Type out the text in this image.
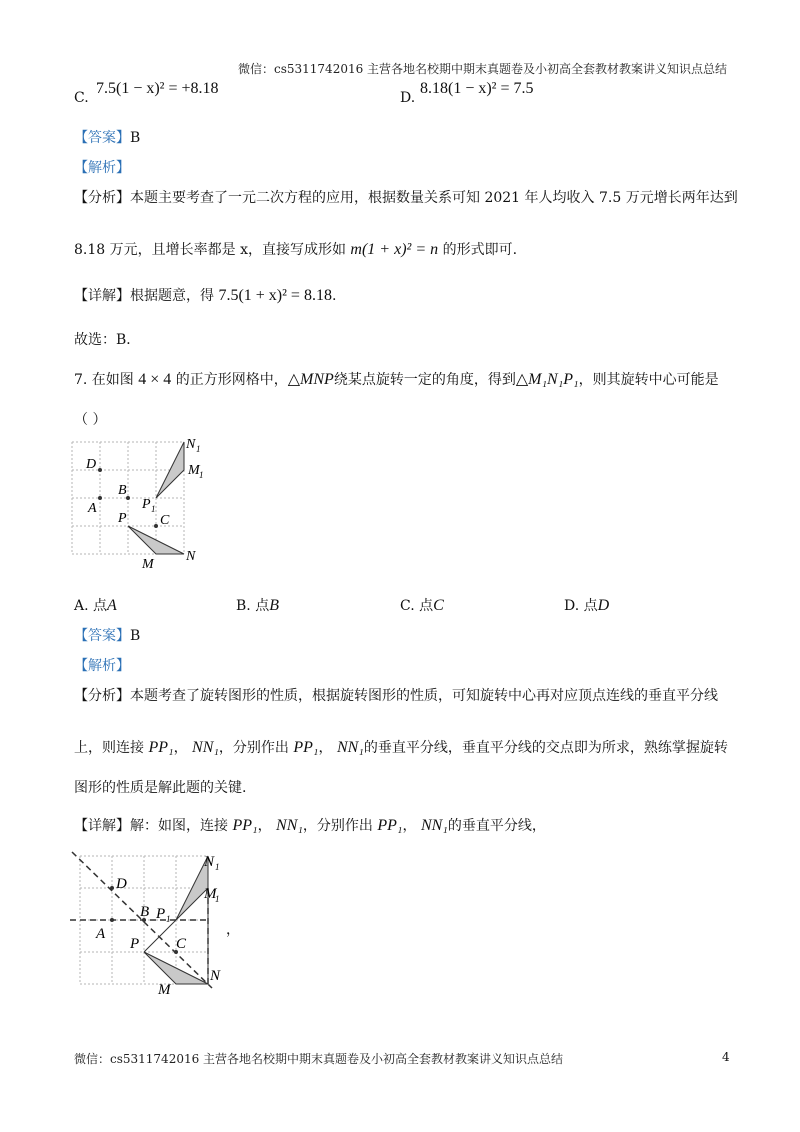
微信：cs5311742016 主营各地名校期中期末真题卷及小初高全套教材教案讲义知识点总结
C.
7.5(1 − x)² = +8.18
D.
8.18(1 − x)² = 7.5
【答案】B
【解析】
【分析】本题主要考查了一元二次方程的应用，根据数量关系可知 2021 年人均收入 7.5 万元增长两年达到
8.18 万元，且增长率都是 x，直接写成形如 m(1 + x)² = n 的形式即可.
【详解】根据题意，得 7.5(1 + x)² = 8.18.
故选：B．
7. 在如图 4 × 4 的正方形网格中，△MNP绕某点旋转一定的角度，得到△M₁N₁P₁，则其旋转中心可能是
（ ）
D
A
B
P 1
C
P
N
M
N 1
M 1
A. 点A	B. 点B	C. 点C	D. 点D
【答案】B
【解析】
【分析】本题考查了旋转图形的性质，根据旋转图形的性质，可知旋转中心再对应顶点连线的垂直平分线
上，则连接 PP₁， NN₁，分别作出 PP₁， NN₁的垂直平分线，垂直平分线的交点即为所求，熟练掌握旋转
图形的性质是解此题的关键.
【详解】解：如图，连接 PP₁， NN₁，分别作出 PP₁， NN₁的垂直平分线，
D
A
B P 1
C
P
N
M
N 1
M
1
，
微信：cs5311742016 主营各地名校期中期末真题卷及小初高全套教材教案讲义知识点总结	4
